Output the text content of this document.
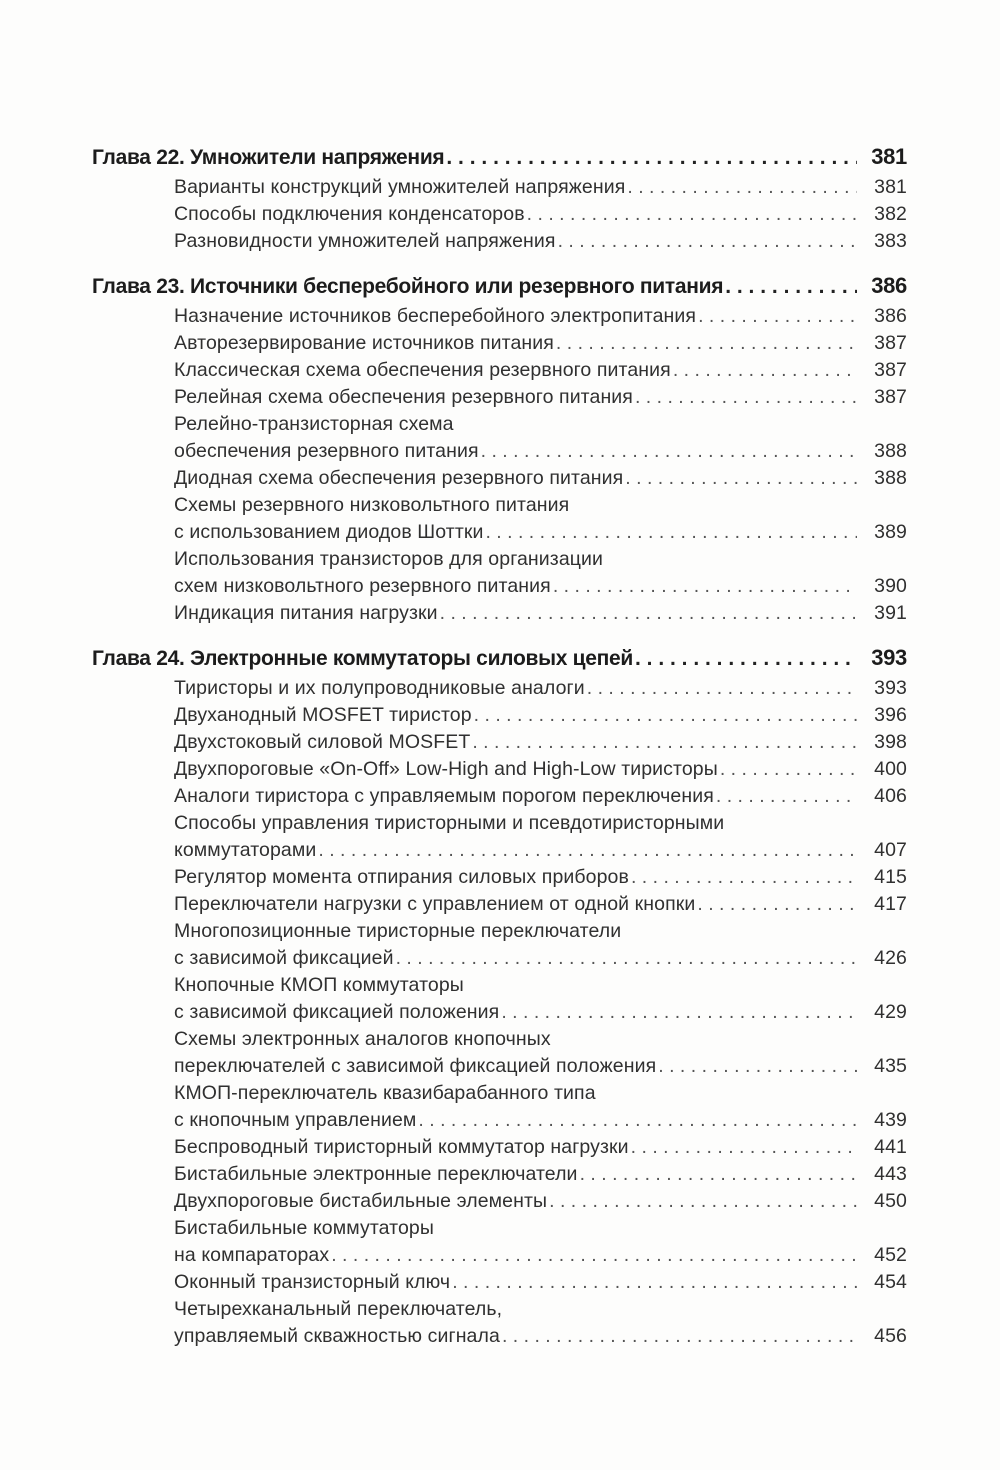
Глава 22. Умножители напряжения . . .	381
Варианты конструкций умножителей напряжения . . .	381
Способы подключения конденсаторов . . .	382
Разновидности умножителей напряжения . . .	383
Глава 23. Источники бесперебойного или резервного питания . . .	386
Назначение источников бесперебойного электропитания . . .	386
Авторезервирование источников питания . . .	387
Классическая схема обеспечения резервного питания . . .	387
Релейная схема обеспечения резервного питания . . .	387
Релейно-транзисторная схема
обеспечения резервного питания . . .	388
Диодная схема обеспечения резервного питания . . .	388
Схемы резервного низковольтного питания
с использованием диодов Шоттки . . .	389
Использования транзисторов для организации
схем низковольтного резервного питания . . .	390
Индикация питания нагрузки . . .	391
Глава 24. Электронные коммутаторы силовых цепей . . .	393
Тиристоры и их полупроводниковые аналоги . . .	393
Двуханодный MOSFET тиристор . . .	396
Двухстоковый силовой MOSFET . . .	398
Двухпороговые «On-Off» Low-High and High-Low тиристоры . . .	400
Аналоги тиристора с управляемым порогом переключения . . .	406
Способы управления тиристорными и псевдотиристорными
коммутаторами . . .	407
Регулятор момента отпирания силовых приборов . . .	415
Переключатели нагрузки с управлением от одной кнопки . . .	417
Многопозиционные тиристорные переключатели
с зависимой фиксацией . . .	426
Кнопочные КМОП коммутаторы
с зависимой фиксацией положения . . .	429
Схемы электронных аналогов кнопочных
переключателей с зависимой фиксацией положения . . .	435
КМОП-переключатель квазибарабанного типа
с кнопочным управлением . . .	439
Беспроводный тиристорный коммутатор нагрузки . . .	441
Бистабильные электронные переключатели . . .	443
Двухпороговые бистабильные элементы . . .	450
Бистабильные коммутаторы
на компараторах . . .	452
Оконный транзисторный ключ . . .	454
Четырехканальный переключатель,
управляемый скважностью сигнала . . .	456
